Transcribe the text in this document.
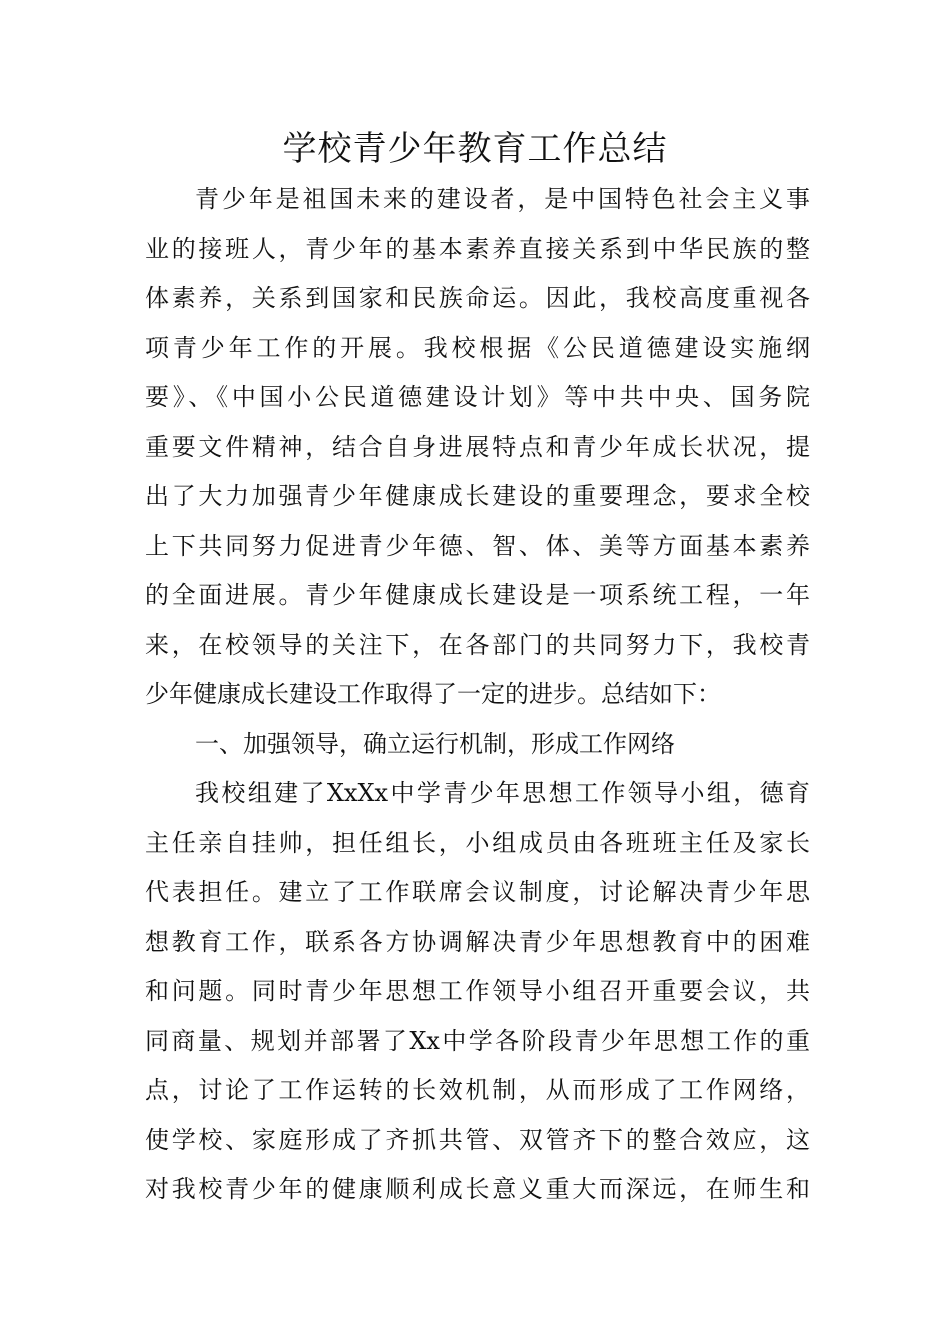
学校青少年教育工作总结
青少年是祖国未来的建设者，是中国特色社会主义事
业的接班人，青少年的基本素养直接关系到中华民族的整
体素养，关系到国家和民族命运。因此，我校高度重视各
项青少年工作的开展。我校根据《公民道德建设实施纲
要》、《中国小公民道德建设计划》等中共中央、国务院
重要文件精神，结合自身进展特点和青少年成长状况，提
出了大力加强青少年健康成长建设的重要理念，要求全校
上下共同努力促进青少年德、智、体、美等方面基本素养
的全面进展。青少年健康成长建设是一项系统工程，一年
来，在校领导的关注下，在各部门的共同努力下，我校青
少年健康成长建设工作取得了一定的进步。总结如下：
一、加强领导，确立运行机制，形成工作网络
我校组建了XxXx中学青少年思想工作领导小组，德育
主任亲自挂帅，担任组长，小组成员由各班班主任及家长
代表担任。建立了工作联席会议制度，讨论解决青少年思
想教育工作，联系各方协调解决青少年思想教育中的困难
和问题。同时青少年思想工作领导小组召开重要会议，共
同商量、规划并部署了Xx中学各阶段青少年思想工作的重
点，讨论了工作运转的长效机制，从而形成了工作网络，
使学校、家庭形成了齐抓共管、双管齐下的整合效应，这
对我校青少年的健康顺利成长意义重大而深远，在师生和
